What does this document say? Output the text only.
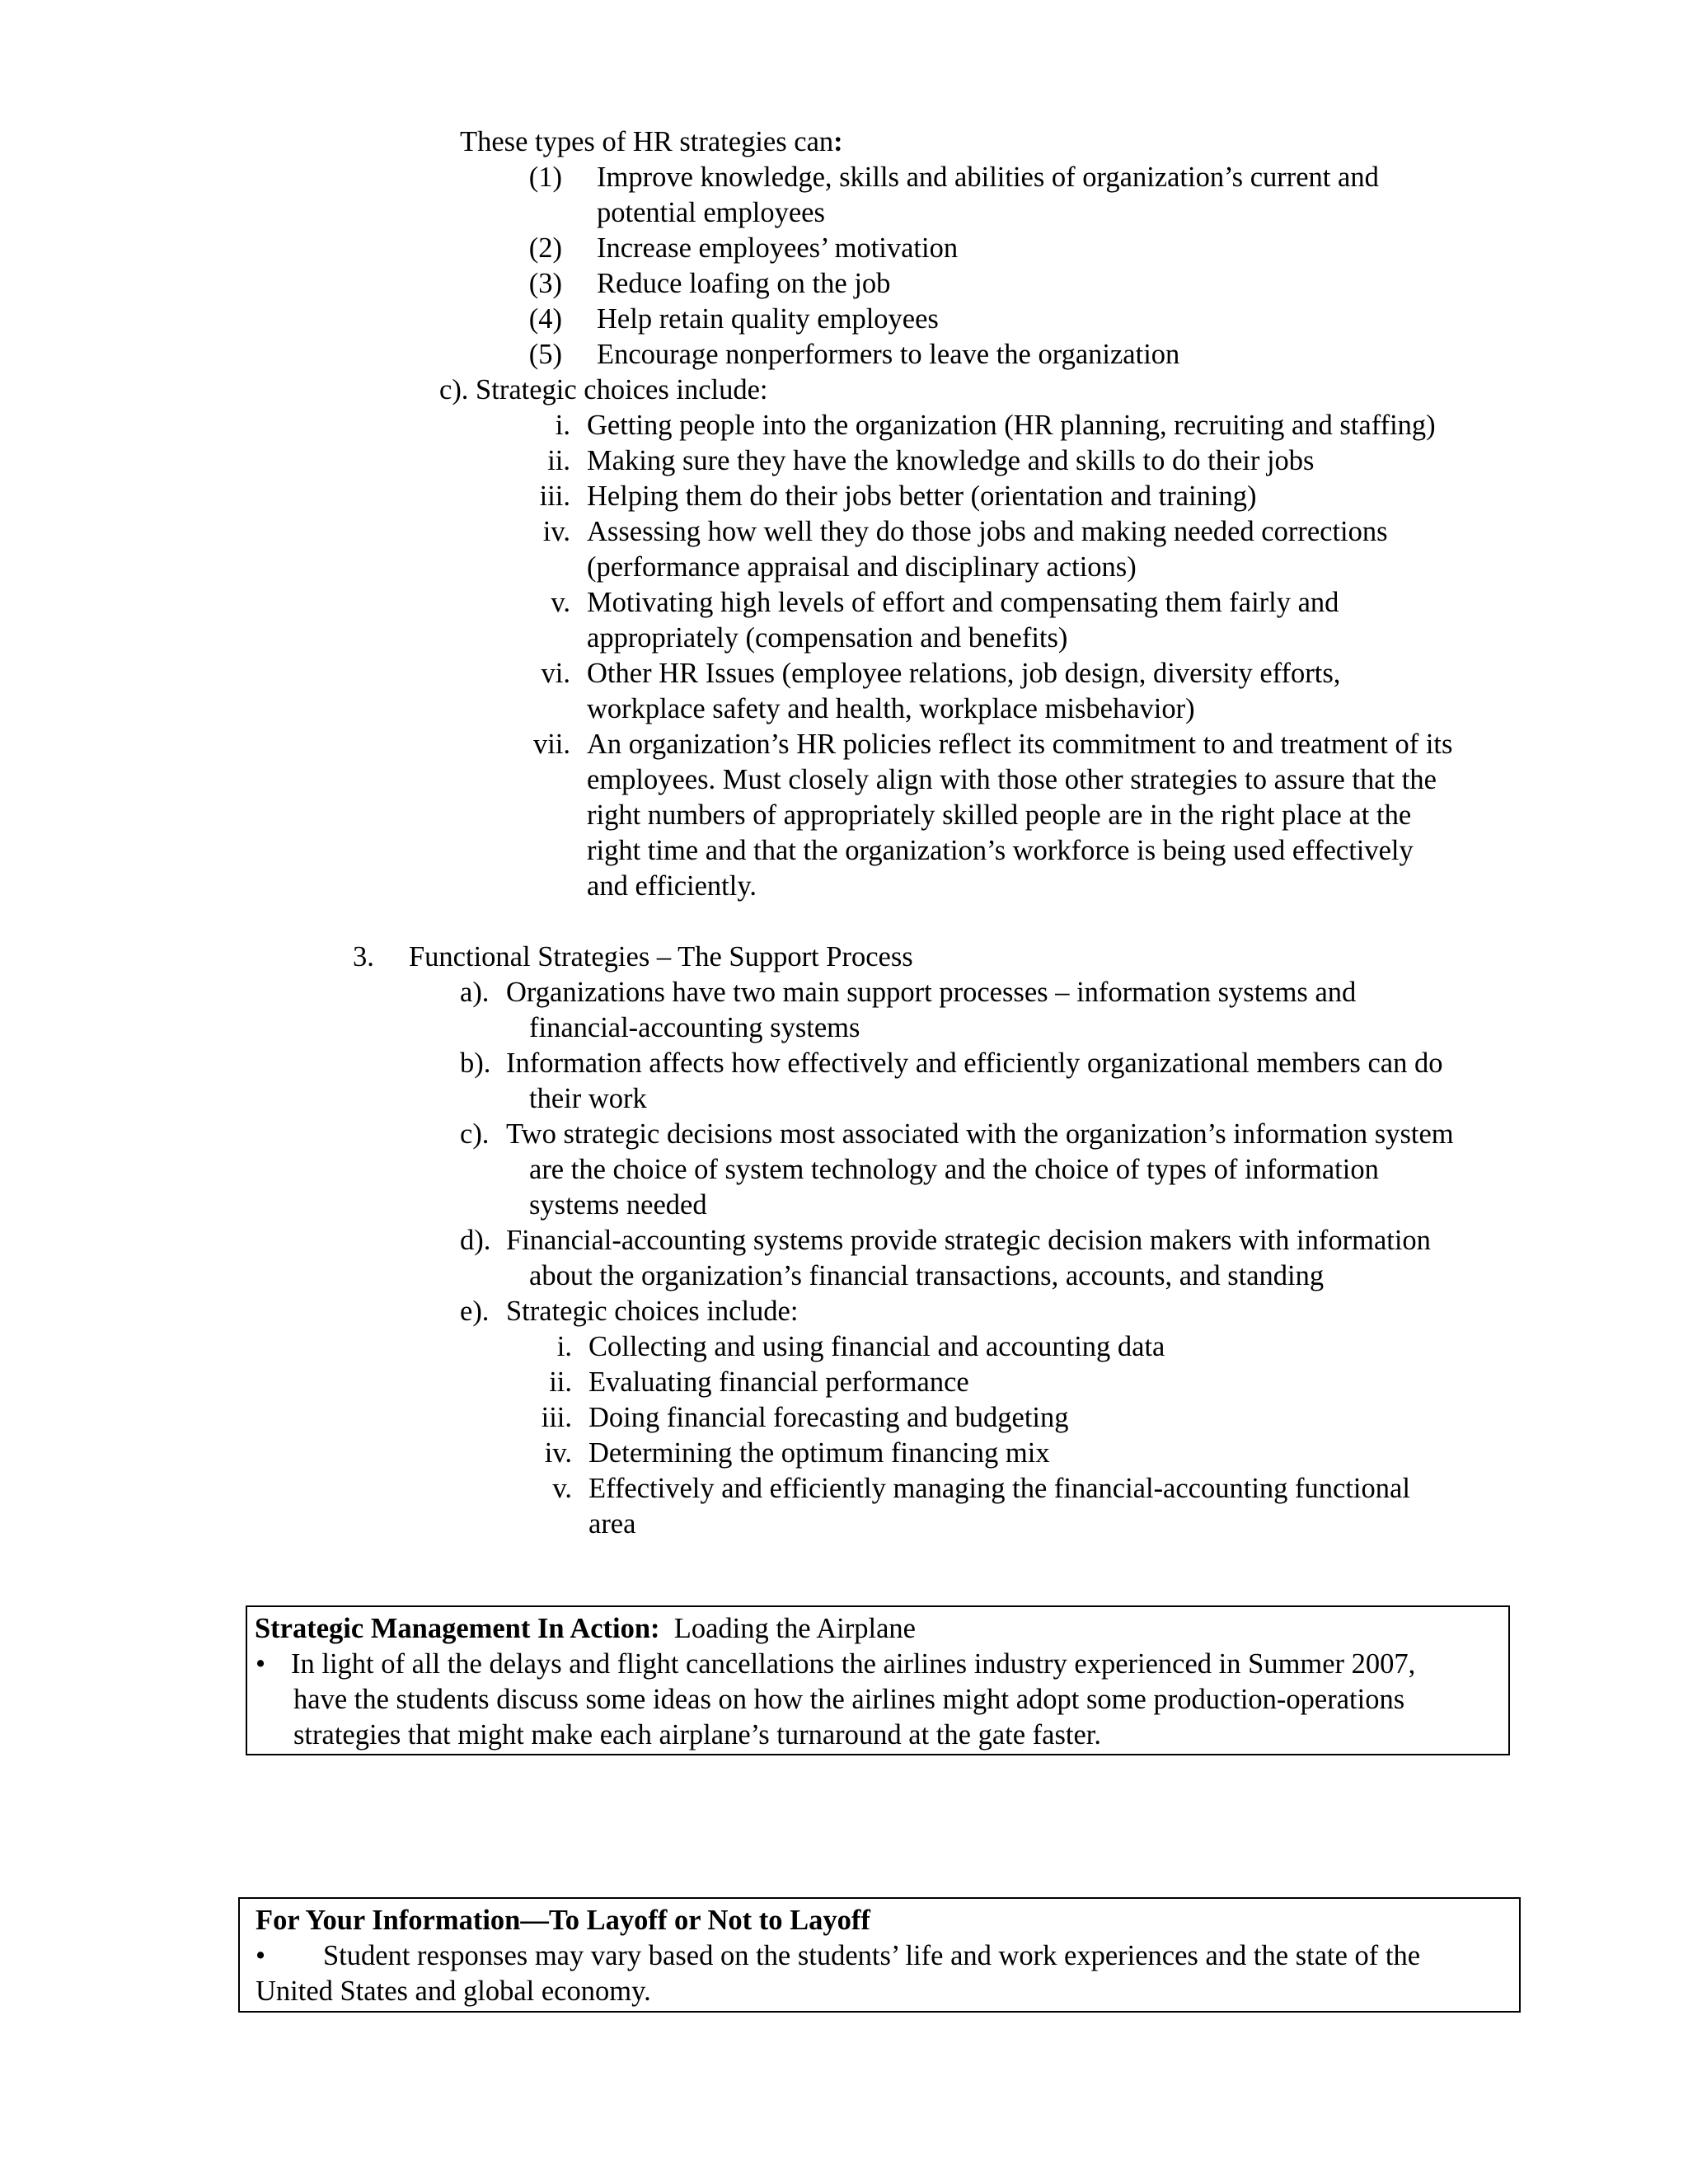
These types of HR strategies can:
(1) Improve knowledge, skills and abilities of organization’s current and
potential employees
(2) Increase employees’ motivation
(3) Reduce loafing on the job
(4) Help retain quality employees
(5) Encourage nonperformers to leave the organization
c). Strategic choices include:
i. Getting people into the organization (HR planning, recruiting and staffing)
ii. Making sure they have the knowledge and skills to do their jobs
iii. Helping them do their jobs better (orientation and training)
iv. Assessing how well they do those jobs and making needed corrections
(performance appraisal and disciplinary actions)
v. Motivating high levels of effort and compensating them fairly and
appropriately (compensation and benefits)
vi. Other HR Issues (employee relations, job design, diversity efforts,
workplace safety and health, workplace misbehavior)
vii. An organization’s HR policies reflect its commitment to and treatment of its
employees. Must closely align with those other strategies to assure that the
right numbers of appropriately skilled people are in the right place at the
right time and that the organization’s workforce is being used effectively
and efficiently.
3. Functional Strategies – The Support Process
a). Organizations have two main support processes – information systems and
financial-accounting systems
b). Information affects how effectively and efficiently organizational members can do
their work
c). Two strategic decisions most associated with the organization’s information system
are the choice of system technology and the choice of types of information
systems needed
d). Financial-accounting systems provide strategic decision makers with information
about the organization’s financial transactions, accounts, and standing
e). Strategic choices include:
i. Collecting and using financial and accounting data
ii. Evaluating financial performance
iii. Doing financial forecasting and budgeting
iv. Determining the optimum financing mix
v. Effectively and efficiently managing the financial-accounting functional
area
Strategic Management In Action: Loading the Airplane
• In light of all the delays and flight cancellations the airlines industry experienced in Summer 2007,
have the students discuss some ideas on how the airlines might adopt some production-operations
strategies that might make each airplane’s turnaround at the gate faster.
For Your Information—To Layoff or Not to Layoff
• Student responses may vary based on the students’ life and work experiences and the state of the
United States and global economy.
